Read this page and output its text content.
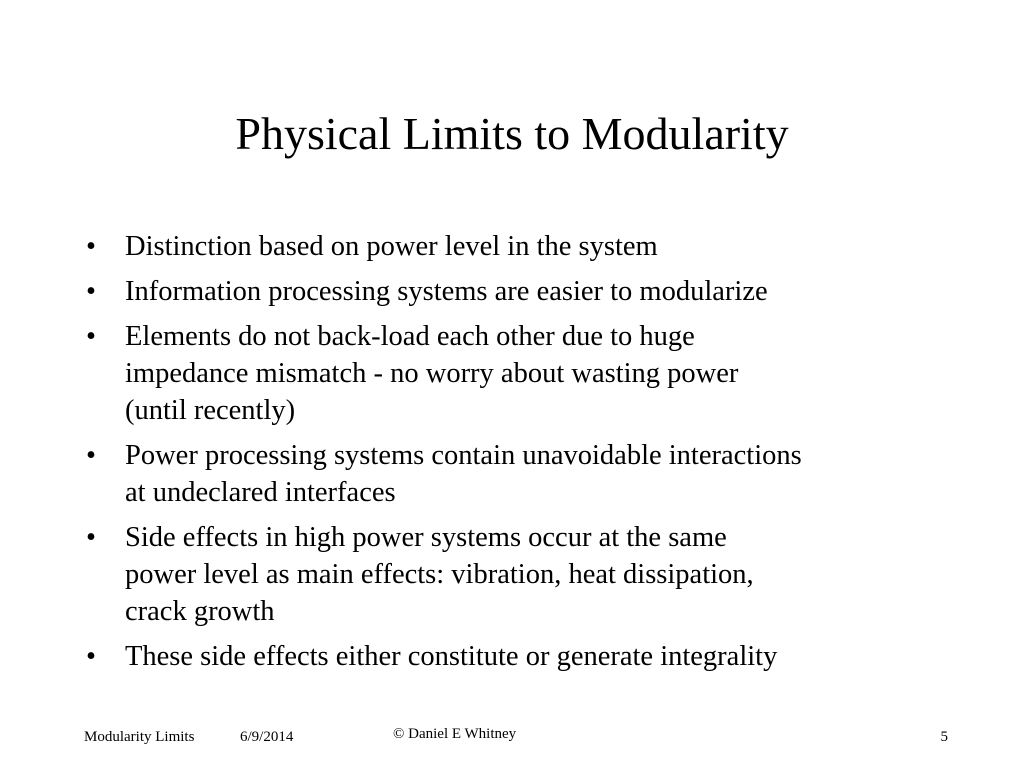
Physical Limits to Modularity
•	Distinction based on power level in the system
•	Information processing systems are easier to modularize
•	Elements do not back-load each other due to huge
impedance mismatch - no worry about wasting power
(until recently)
•	Power processing systems contain unavoidable interactions
at undeclared interfaces
•	Side effects in high power systems occur at the same
power level as main effects: vibration, heat dissipation,
crack growth
•	These side effects either constitute or generate integrality
Modularity Limits	6/9/2014	© Daniel E Whitney	5
